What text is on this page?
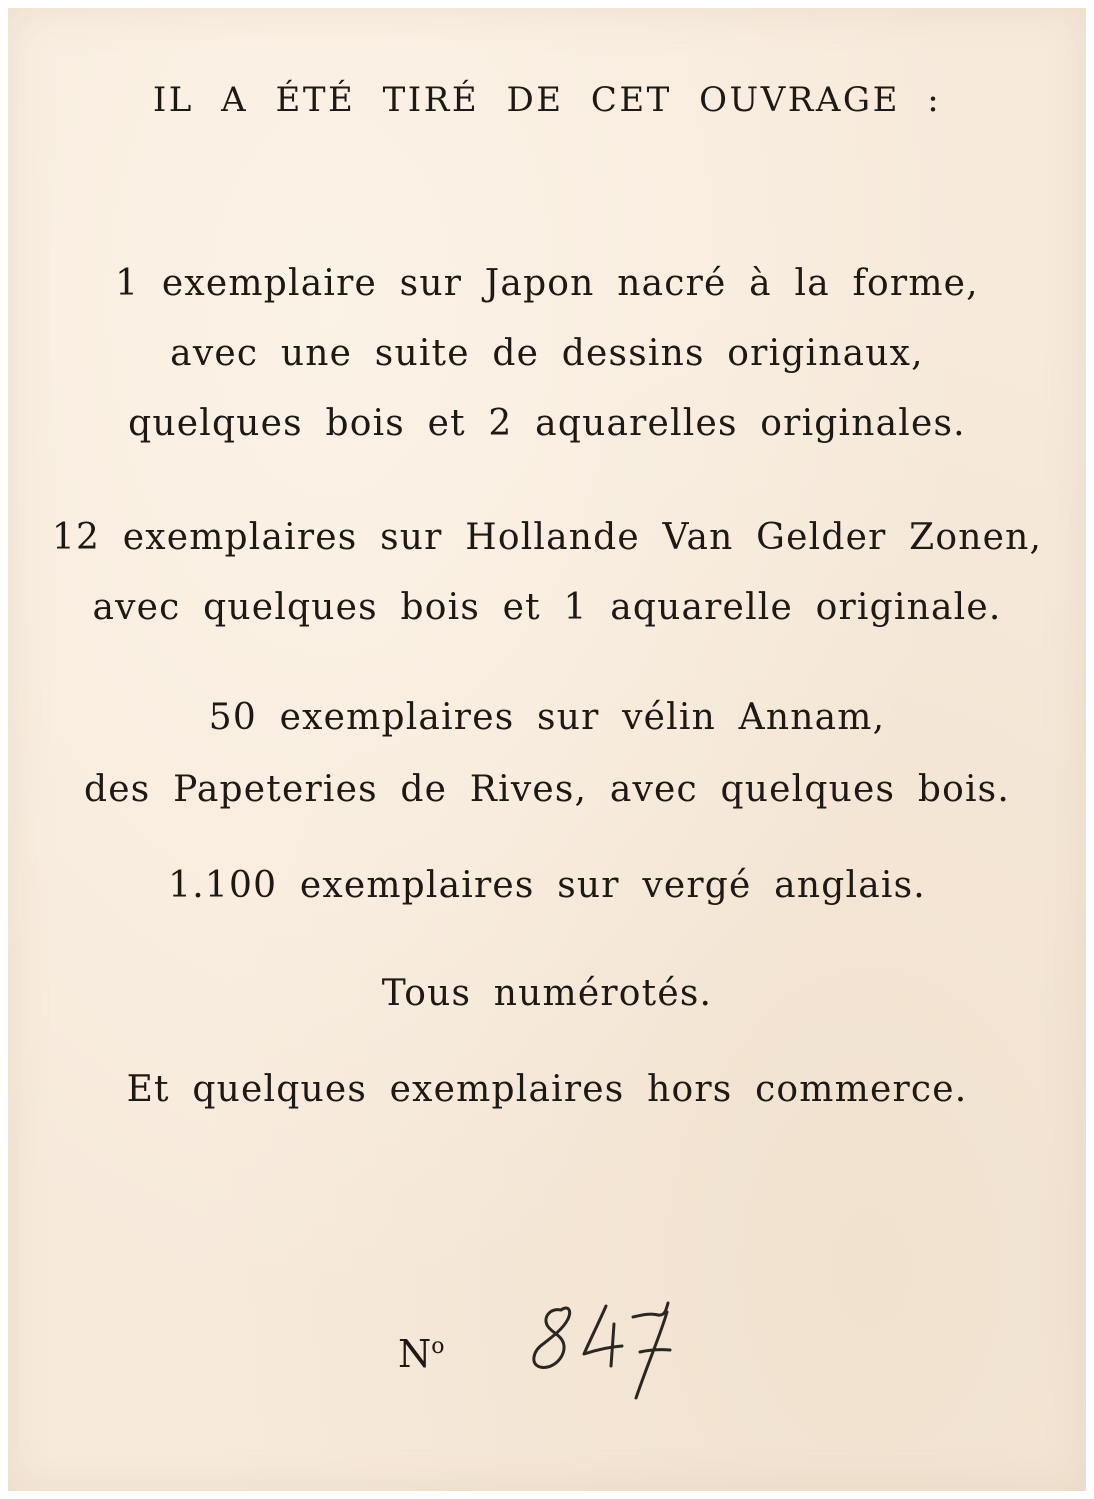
IL A ÉTÉ TIRÉ DE CET OUVRAGE :
1 exemplaire sur Japon nacré à la forme,
avec une suite de dessins originaux,
quelques bois et 2 aquarelles originales.
12 exemplaires sur Hollande Van Gelder Zonen,
avec quelques bois et 1 aquarelle originale.
50 exemplaires sur vélin Annam,
des Papeteries de Rives, avec quelques bois.
1.100 exemplaires sur vergé anglais.
Tous numérotés.
Et quelques exemplaires hors commerce.
$N^o$
